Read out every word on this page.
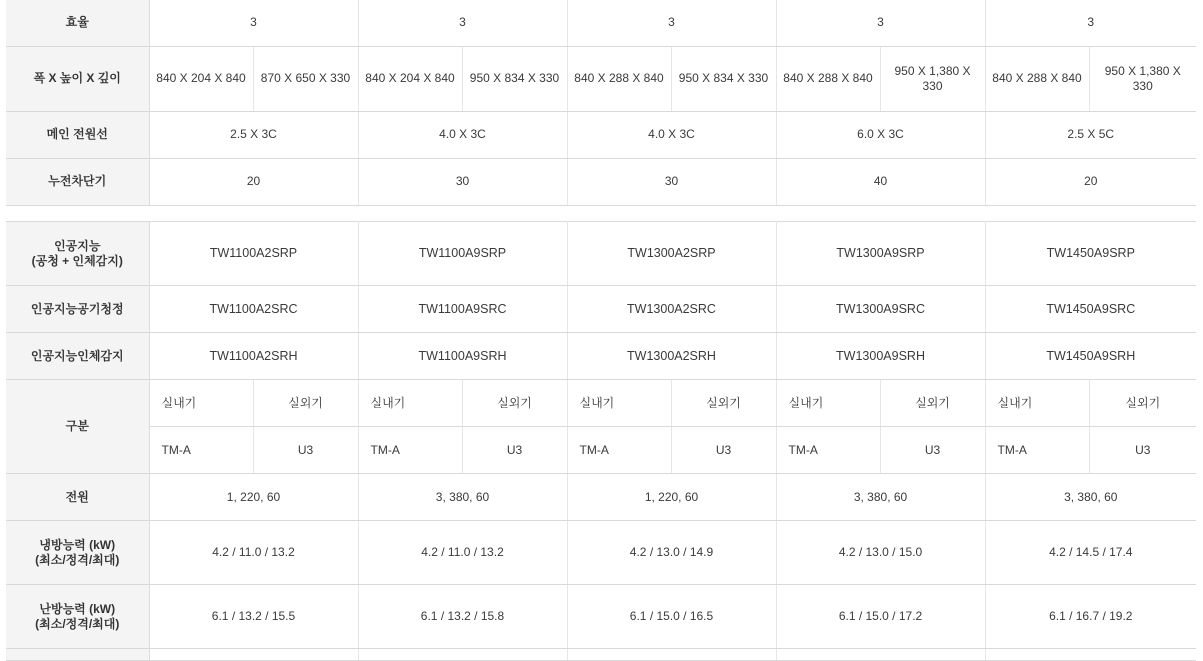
효율	3		3		3		3		3	
폭 X 높이 X 깊이	840 X 204 X 840	870 X 650 X 330	840 X 204 X 840	950 X 834 X 330	840 X 288 X 840	950 X 834 X 330	840 X 288 X 840	950 X 1,380 X 330	840 X 288 X 840	950 X 1,380 X 330
메인 전원선	2.5 X 3C		4.0 X 3C		4.0 X 3C		6.0 X 3C		2.5 X 5C	
누전차단기	20		30		30		40		20	
인공지능
(공청 + 인체감지)	TW1100A2SRP		TW1100A9SRP		TW1300A2SRP		TW1300A9SRP		TW1450A9SRP	
인공지능공기청정	TW1100A2SRC		TW1100A9SRC		TW1300A2SRC		TW1300A9SRC		TW1450A9SRC	
인공지능인체감지	TW1100A2SRH		TW1100A9SRH		TW1300A2SRH		TW1300A9SRH		TW1450A9SRH	
구분	실내기	실외기	실내기	실외기	실내기	실외기	실내기	실외기	실내기	실외기
	TM-A	U3	TM-A	U3	TM-A	U3	TM-A	U3	TM-A	U3
전원	1, 220, 60		3, 380, 60		1, 220, 60		3, 380, 60		3, 380, 60	

냉방능력 (kW)
(최소/정격/최대)	4.2 / 11.0 / 13.2		4.2 / 11.0 / 13.2		4.2 / 13.0 / 14.9		4.2 / 13.0 / 15.0		4.2 / 14.5 / 17.4	

난방능력 (kW)
(최소/정격/최대)	6.1 / 13.2 / 15.5		6.1 / 13.2 / 15.8		6.1 / 15.0 / 16.5		6.1 / 15.0 / 17.2		6.1 / 16.7 / 19.2	
